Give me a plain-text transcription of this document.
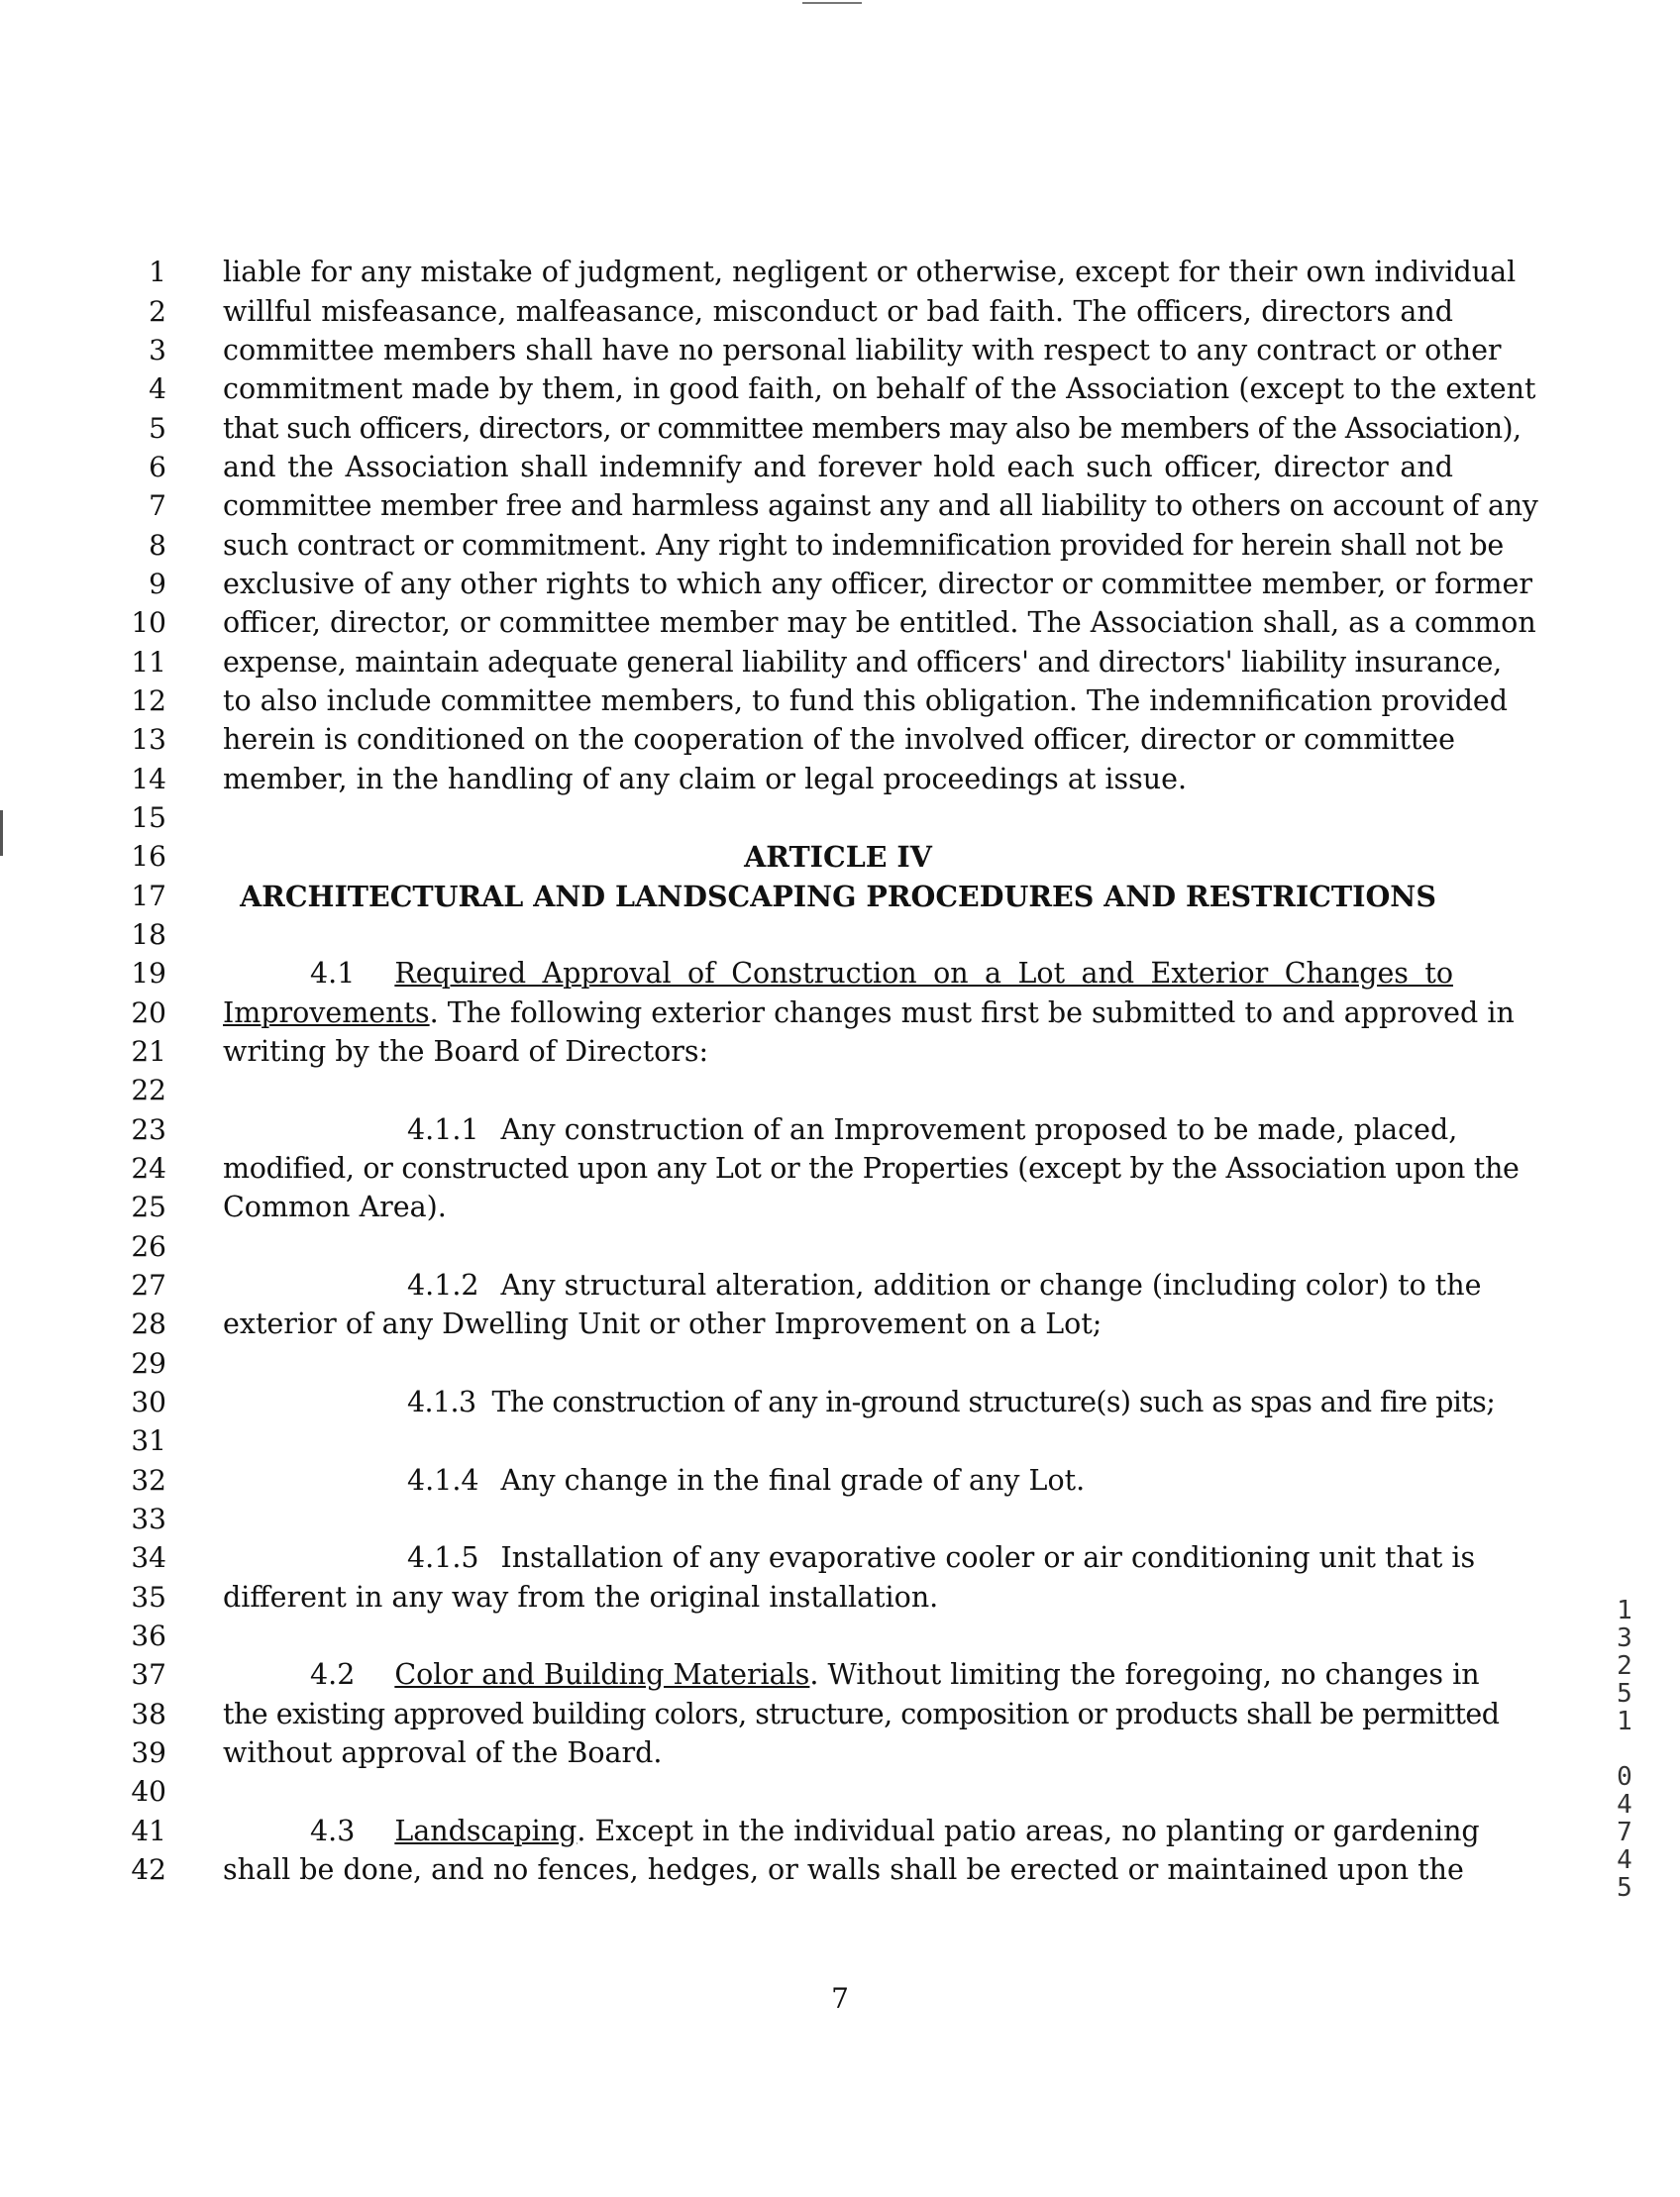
1
2
3
4
5
6
7
8
9
10
11
12
13
14
15
16
17
18
19
20
21
22
23
24
25
26
27
28
29
30
31
32
33
34
35
36
37
38
39
40
41
42
liable for any mistake of judgment, negligent or otherwise, except for their own individual
willful misfeasance, malfeasance, misconduct or bad faith. The officers, directors and
committee members shall have no personal liability with respect to any contract or other
commitment made by them, in good faith, on behalf of the Association (except to the extent
that such officers, directors, or committee members may also be members of the Association),
and the Association shall indemnify and forever hold each such officer, director and
committee member free and harmless against any and all liability to others on account of any
such contract or commitment. Any right to indemnification provided for herein shall not be
exclusive of any other rights to which any officer, director or committee member, or former
officer, director, or committee member may be entitled. The Association shall, as a common
expense, maintain adequate general liability and officers' and directors' liability insurance,
to also include committee members, to fund this obligation. The indemnification provided
herein is conditioned on the cooperation of the involved officer, director or committee
member, in the handling of any claim or legal proceedings at issue.
ARTICLE IV
ARCHITECTURAL AND LANDSCAPING PROCEDURES AND RESTRICTIONS
4.1 Required Approval of Construction on a Lot and Exterior Changes to
Improvements. The following exterior changes must first be submitted to and approved in
writing by the Board of Directors:
4.1.1 Any construction of an Improvement proposed to be made, placed,
modified, or constructed upon any Lot or the Properties (except by the Association upon the
Common Area).
4.1.2 Any structural alteration, addition or change (including color) to the
exterior of any Dwelling Unit or other Improvement on a Lot;
4.1.3 The construction of any in-ground structure(s) such as spas and fire pits;
4.1.4 Any change in the final grade of any Lot.
4.1.5 Installation of any evaporative cooler or air conditioning unit that is
different in any way from the original installation.
4.2 Color and Building Materials. Without limiting the foregoing, no changes in
the existing approved building colors, structure, composition or products shall be permitted
without approval of the Board.
4.3 Landscaping. Except in the individual patio areas, no planting or gardening
shall be done, and no fences, hedges, or walls shall be erected or maintained upon the
7
1
3
2
5
1
0
4
7
4
5
